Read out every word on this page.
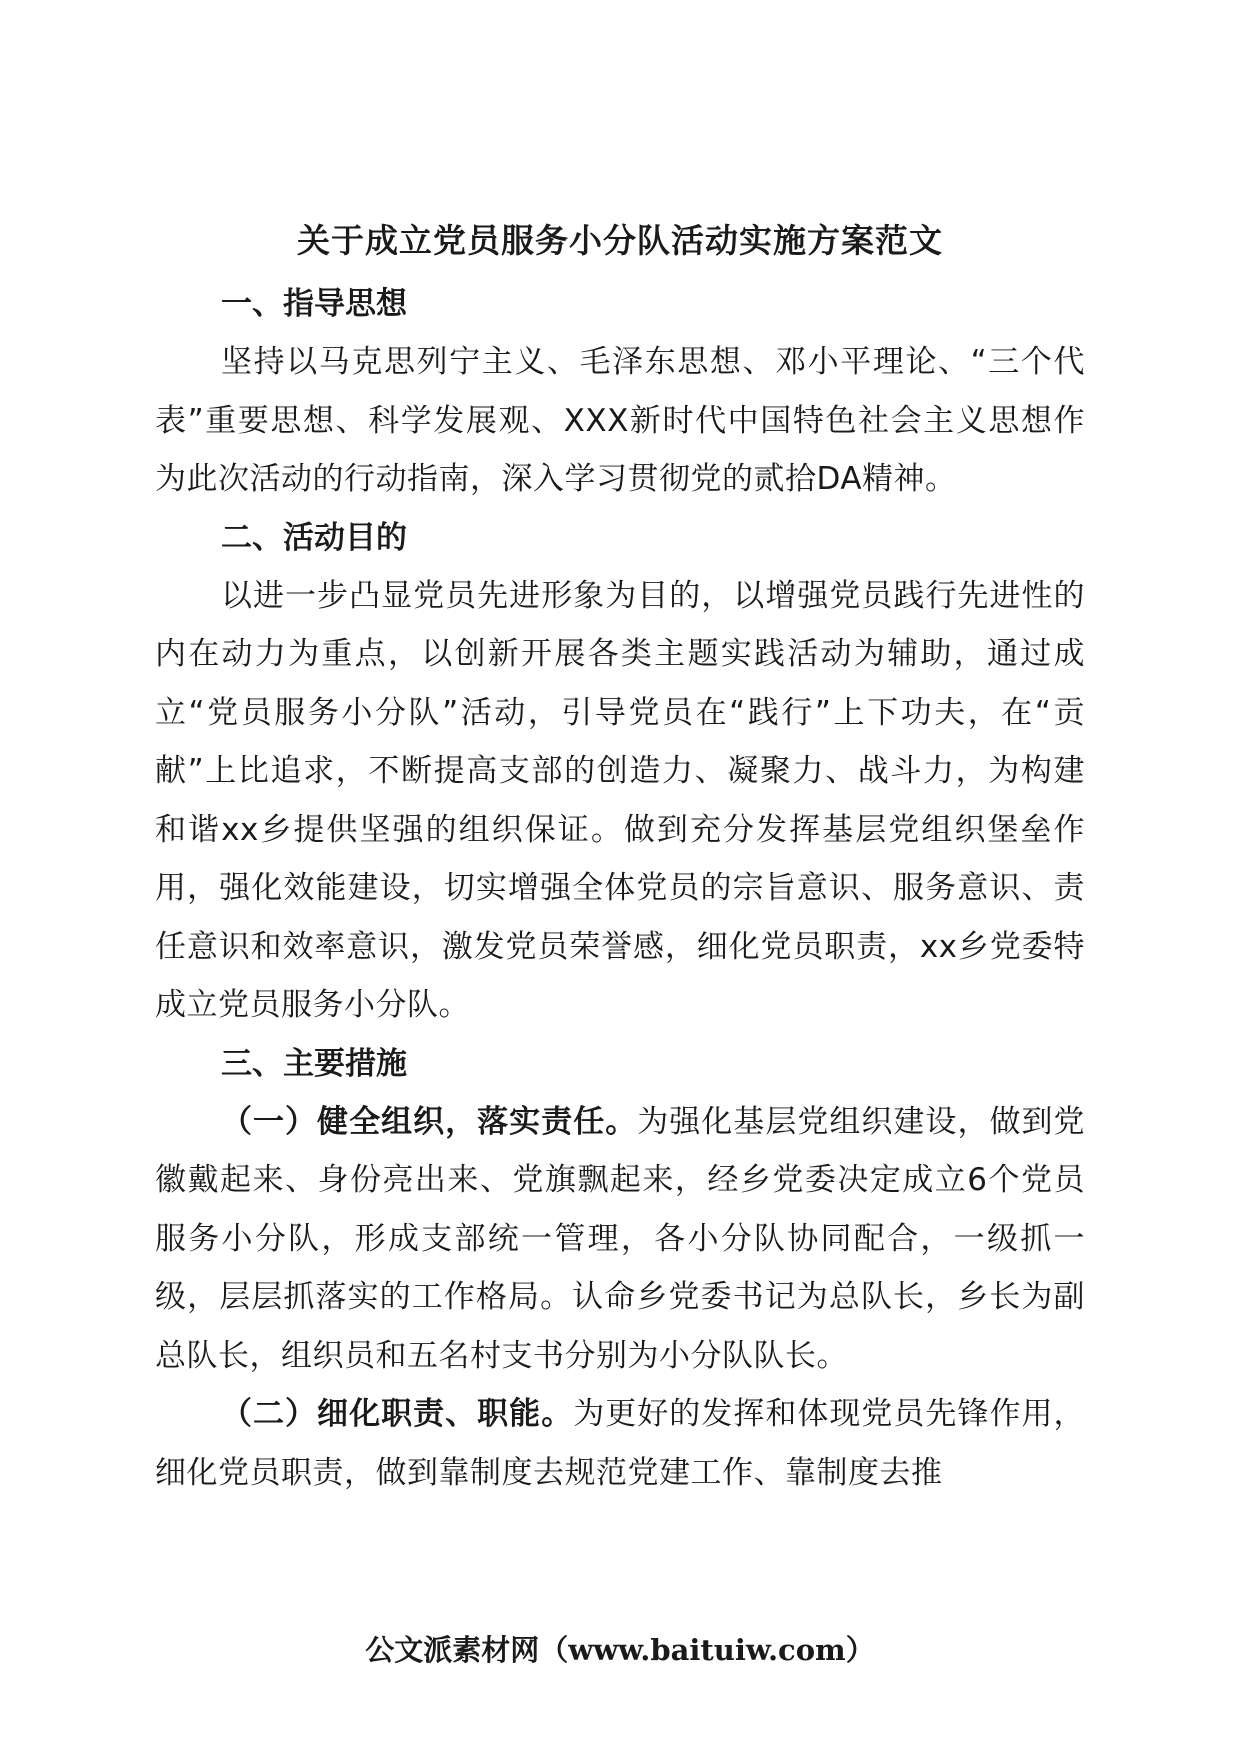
关于成立党员服务小分队活动实施方案范文
一、指导思想

坚持以马克思列宁主义、毛泽东思想、邓小平理论、“三个代表”重要思想、科学发展观、XXX新时代中国特色社会主义思想作为此次活动的行动指南，深入学习贯彻党的贰拾DA精神。

二、活动目的

以进一步凸显党员先进形象为目的，以增强党员践行先进性的内在动力为重点，以创新开展各类主题实践活动为辅助，通过成立“党员服务小分队”活动，引导党员在“践行”上下功夫，在“贡献”上比追求，不断提高支部的创造力、凝聚力、战斗力，为构建和谐xx乡提供坚强的组织保证。做到充分发挥基层党组织堡垒作用，强化效能建设，切实增强全体党员的宗旨意识、服务意识、责任意识和效率意识，激发党员荣誉感，细化党员职责，xx乡党委特成立党员服务小分队。

三、主要措施

（一）健全组织，落实责任。为强化基层党组织建设，做到党徽戴起来、身份亮出来、党旗飘起来，经乡党委决定成立6个党员服务小分队，形成支部统一管理，各小分队协同配合，一级抓一级，层层抓落实的工作格局。认命乡党委书记为总队长，乡长为副总队长，组织员和五名村支书分别为小分队队长。

（二）细化职责、职能。为更好的发挥和体现党员先锋作用，细化党员职责，做到靠制度去规范党建工作、靠制度去推

公文派素材网（www.baituiw.com）
